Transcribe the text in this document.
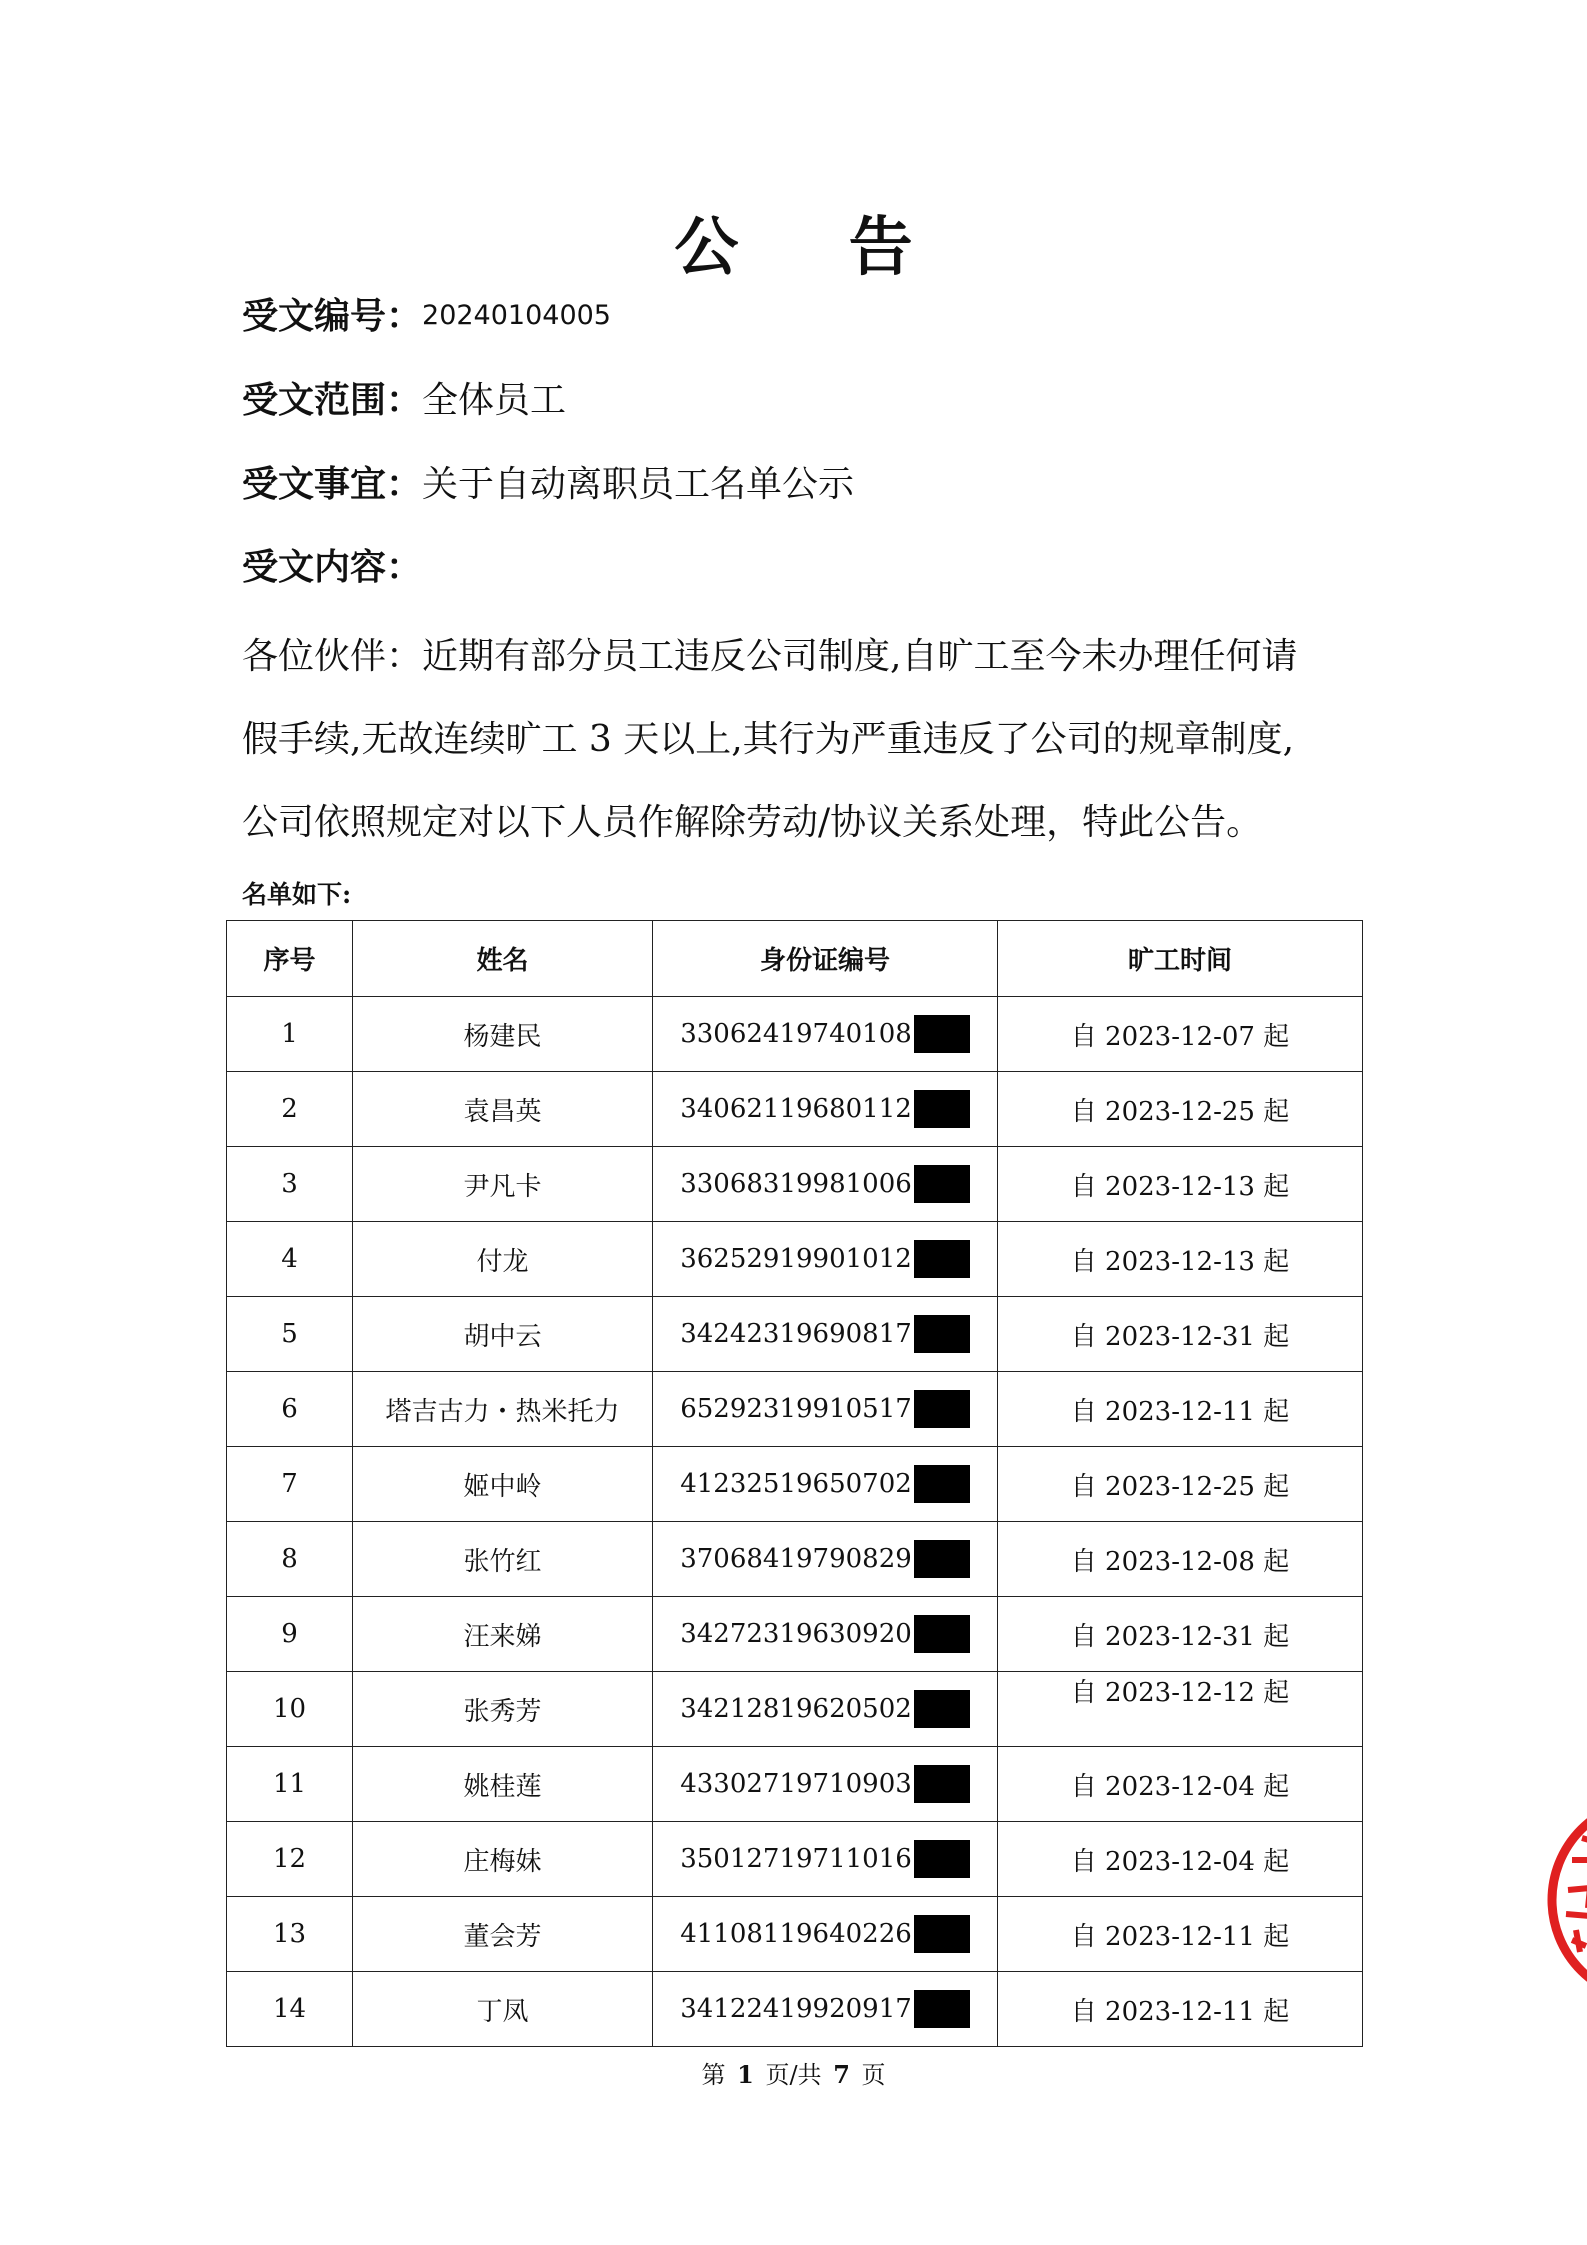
公 告
受文编号：20240104005
受文范围：全体员工
受文事宜：关于自动离职员工名单公示
受文内容：
各位伙伴：近期有部分员工违反公司制度,自旷工至今未办理任何请
假手续,无故连续旷工 3 天以上,其行为严重违反了公司的规章制度,
公司依照规定对以下人员作解除劳动/协议关系处理，特此公告。
名单如下:
序号	姓名	身份证编号	旷工时间
1	杨建民	33062419740108	自 2023-12-07 起
2	袁昌英	34062119680112	自 2023-12-25 起
3	尹凡卡	33068319981006	自 2023-12-13 起
4	付龙	36252919901012	自 2023-12-13 起
5	胡中云	34242319690817	自 2023-12-31 起
6	塔吉古力・热米托力	65292319910517	自 2023-12-11 起
7	姬中岭	41232519650702	自 2023-12-25 起
8	张竹红	37068419790829	自 2023-12-08 起
9	汪来娣	34272319630920	自 2023-12-31 起
10	张秀芳	34212819620502	自 2023-12-12 起
11	姚桂莲	43302719710903	自 2023-12-04 起
12	庄梅妹	35012719711016	自 2023-12-04 起
13	董会芳	41108119640226	自 2023-12-11 起
14	丁凤	34122419920917	自 2023-12-11 起
第 1 页/共 7 页
